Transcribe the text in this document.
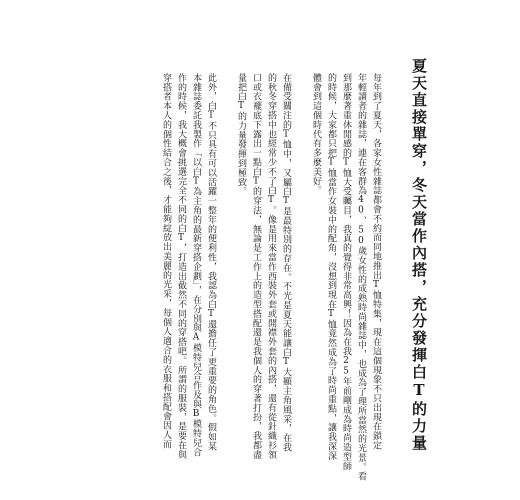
夏天直接單穿，冬天當作內搭，充分發揮白T的力量
每年到了夏天，各家女性雜誌都會不約而同地推出T恤特集，現在這個現象不只出現在鎖定
年輕讀者的雜誌，連在客群為40、50歲女性的成熟時尚雜誌中，也成為了理所當然的光景。看
到那麼著重休閒感的T恤大受矚目，我真的覺得非常高興！因為在我25年前剛成為時尚造型師
的時候，大家都只把T恤當作女裝中的配角，沒想到現在T恤竟然成為了時尚重點，讓我深深
體會到這個時代有多麼美好。
在備受關注的T恤中，又屬白T是最特別的存在。不光是夏天能讓白T大顯主角風采，在我
的秋冬穿搭中也經常少不了白T。像是用來當作西裝外套或開襟外套的內搭，還有從針織衫領
口或衣襬底下露出一點白T的穿法，無論是工作上的造型搭配還是我個人的穿著打扮，我都盡
量把白T的力量發揮到極致。
此外，白T不只具有可以活躍一整年的便利性，我認為白T還擔任了更重要的角色。假如某
本雜誌委託我製作「以白T為主角的最新穿搭企劃」，在分別與A模特兒合作及與B模特兒合
作的時候，我大概會挑選完全不同的白T，打造出截然不同的穿搭吧。所謂的服裝，是要在與
穿搭者本人的個性結合之後，才能夠綻放出美麗的光采，每個人適合的衣服和搭配會因人而
